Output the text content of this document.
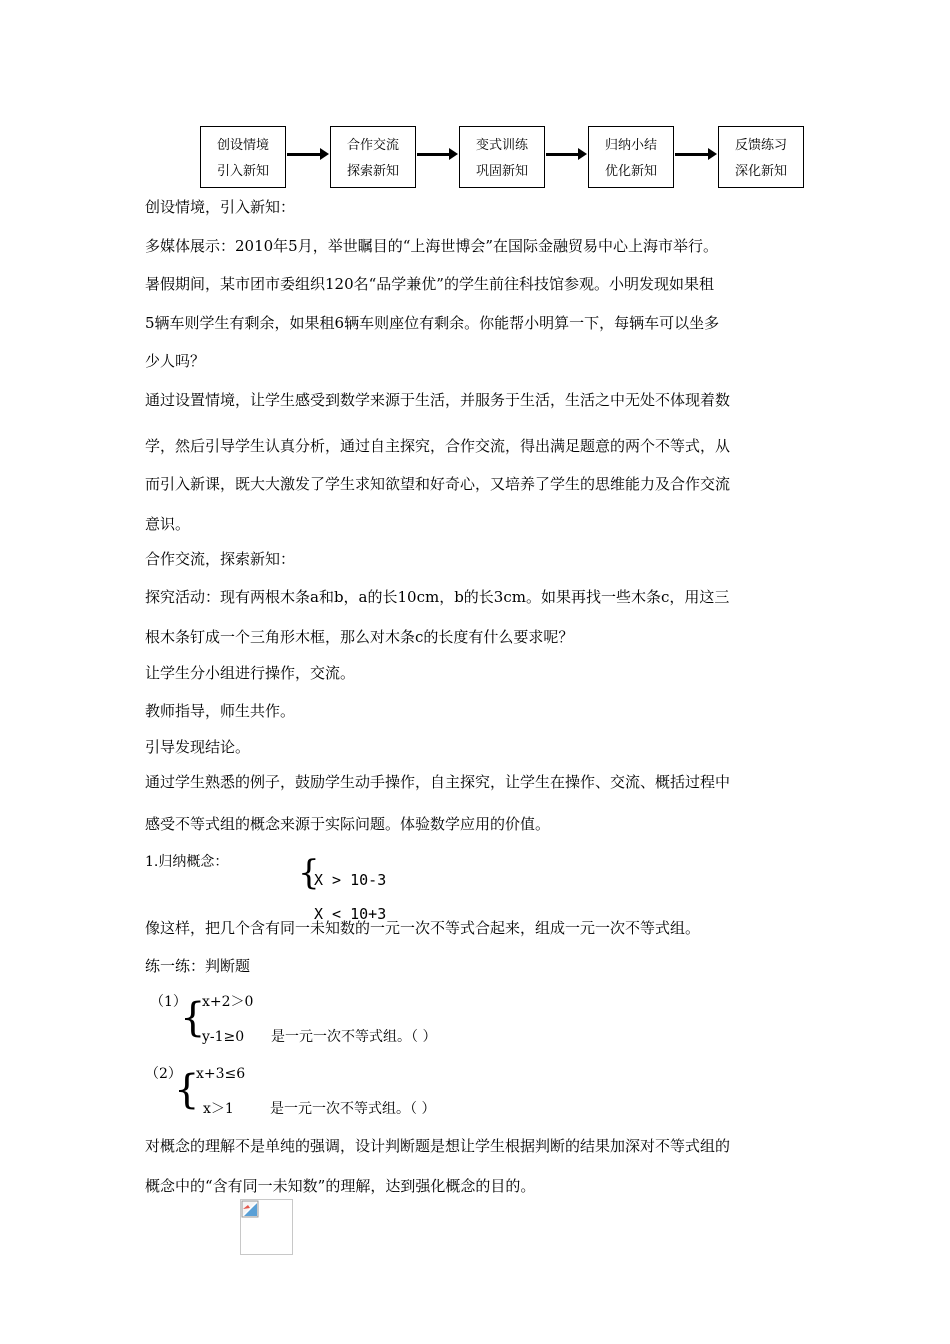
创设情境
引入新知
合作交流
探索新知
变式训练
巩固新知
归纳小结
优化新知
反馈练习
深化新知
创设情境，引入新知：
多媒体展示：2010年5月，举世瞩目的“上海世博会”在国际金融贸易中心上海市举行。
暑假期间，某市团市委组织120名“品学兼优”的学生前往科技馆参观。小明发现如果租
5辆车则学生有剩余，如果租6辆车则座位有剩余。你能帮小明算一下，每辆车可以坐多
少人吗？
通过设置情境，让学生感受到数学来源于生活，并服务于生活，生活之中无处不体现着数
学，然后引导学生认真分析，通过自主探究，合作交流，得出满足题意的两个不等式，从
而引入新课，既大大激发了学生求知欲望和好奇心，又培养了学生的思维能力及合作交流
意识。
合作交流，探索新知：
探究活动：现有两根木条a和b，a的长10cm，b的长3cm。如果再找一些木条c，用这三
根木条钉成一个三角形木框，那么对木条c的长度有什么要求呢？
让学生分小组进行操作，交流。
教师指导，师生共作。
引导发现结论。
通过学生熟悉的例子，鼓励学生动手操作，自主探究，让学生在操作、交流、概括过程中
感受不等式组的概念来源于实际问题。体验数学应用的价值。
1.归纳概念：	{
X > 10-3
X < 10+3
像这样，把几个含有同一未知数的一元一次不等式合起来，组成一元一次不等式组。
练一练：判断题
（1）
{
x+2＞0
y-1≥0	是一元一次不等式组。（ ）
（2）
{
x+3≤6
x＞1	是一元一次不等式组。（ ）
对概念的理解不是单纯的强调，设计判断题是想让学生根据判断的结果加深对不等式组的
概念中的“含有同一未知数”的理解，达到强化概念的目的。
